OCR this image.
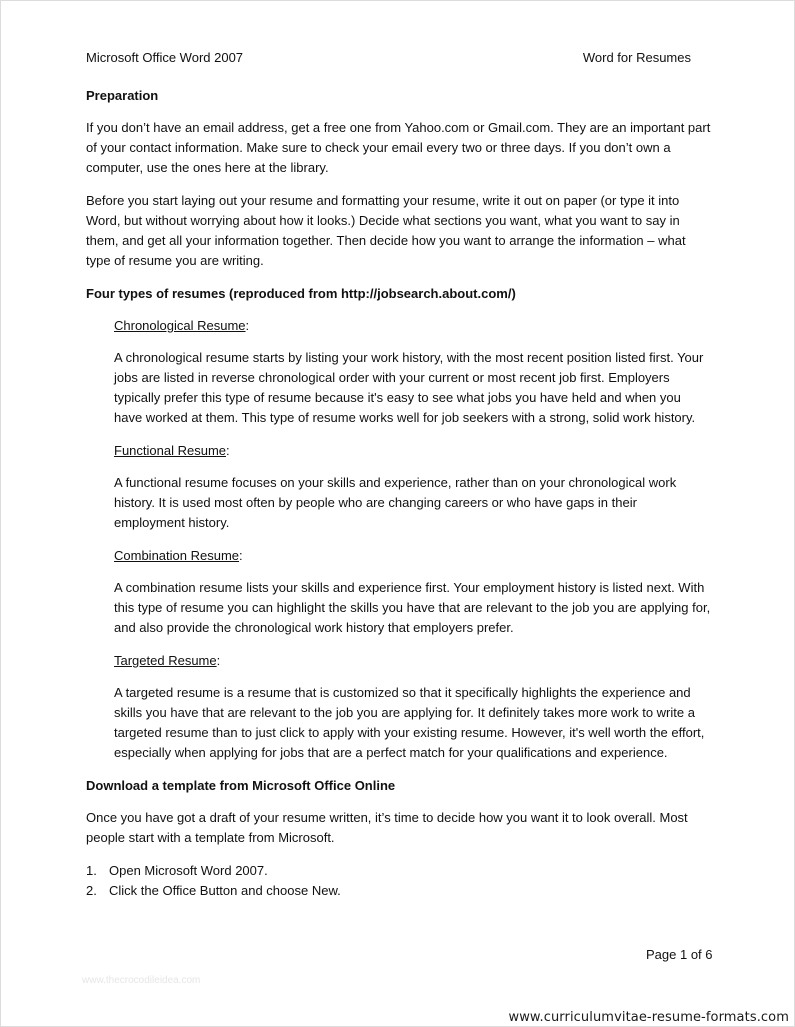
Microsoft Office Word 2007	Word for Resumes
Preparation

If you don’t have an email address, get a free one from Yahoo.com or Gmail.com. They are an important part of your contact information. Make sure to check your email every two or three days. If you don’t own a computer, use the ones here at the library.

Before you start laying out your resume and formatting your resume, write it out on paper (or type it into Word, but without worrying about how it looks.) Decide what sections you want, what you want to say in them, and get all your information together. Then decide how you want to arrange the information – what type of resume you are writing.

Four types of resumes (reproduced from http://jobsearch.about.com/)
Chronological Resume:

A chronological resume starts by listing your work history, with the most recent position listed first. Your jobs are listed in reverse chronological order with your current or most recent job first. Employers typically prefer this type of resume because it's easy to see what jobs you have held and when you have worked at them. This type of resume works well for job seekers with a strong, solid work history.

Functional Resume:

A functional resume focuses on your skills and experience, rather than on your chronological work history. It is used most often by people who are changing careers or who have gaps in their employment history.

Combination Resume:

A combination resume lists your skills and experience first. Your employment history is listed next. With this type of resume you can highlight the skills you have that are relevant to the job you are applying for, and also provide the chronological work history that employers prefer.

Targeted Resume:

A targeted resume is a resume that is customized so that it specifically highlights the experience and skills you have that are relevant to the job you are applying for. It definitely takes more work to write a targeted resume than to just click to apply with your existing resume. However, it's well worth the effort, especially when applying for jobs that are a perfect match for your qualifications and experience.

Download a template from Microsoft Office Online

Once you have got a draft of your resume written, it’s time to decide how you want it to look overall. Most people start with a template from Microsoft.

1. Open Microsoft Word 2007.
2. Click the Office Button and choose New.
Page 1 of 6
www.thecrocodileidea.com
www.curriculumvitae-resume-formats.com
